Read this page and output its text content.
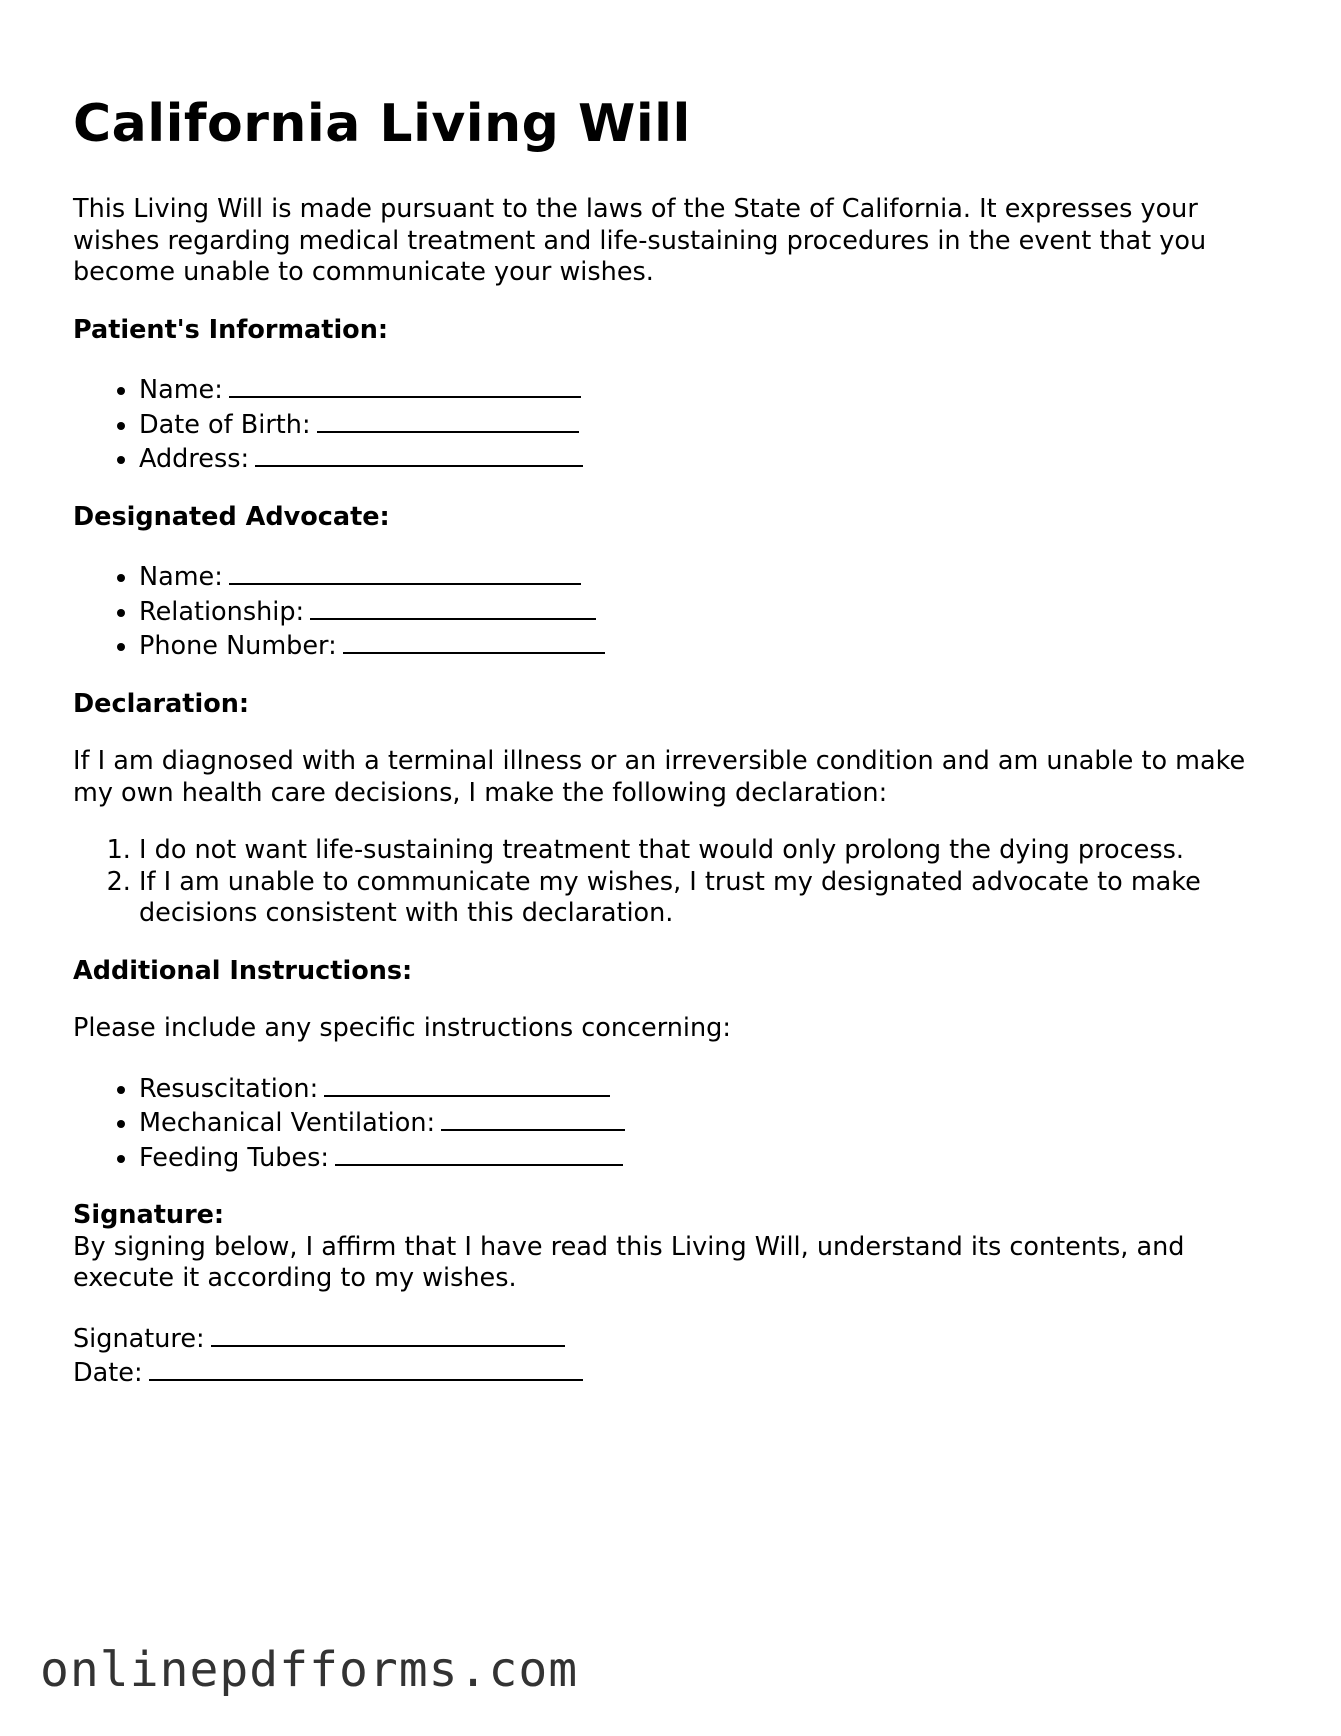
California Living Will

This Living Will is made pursuant to the laws of the State of California. It expresses your wishes regarding medical treatment and life-sustaining procedures in the event that you become unable to communicate your wishes.

Patient's Information:
• Name:
• Date of Birth:
• Address:
Designated Advocate:
• Name:
• Relationship:
• Phone Number:
Declaration:

If I am diagnosed with a terminal illness or an irreversible condition and am unable to make my own health care decisions, I make the following declaration:

1. I do not want life-sustaining treatment that would only prolong the dying process.
2. If I am unable to communicate my wishes, I trust my designated advocate to make decisions consistent with this declaration.
Additional Instructions:

Please include any specific instructions concerning:

• Resuscitation:
• Mechanical Ventilation:
• Feeding Tubes:
Signature:

By signing below, I affirm that I have read this Living Will, understand its contents, and execute it according to my wishes.

Signature:

Date:

onlinepdfforms.com
